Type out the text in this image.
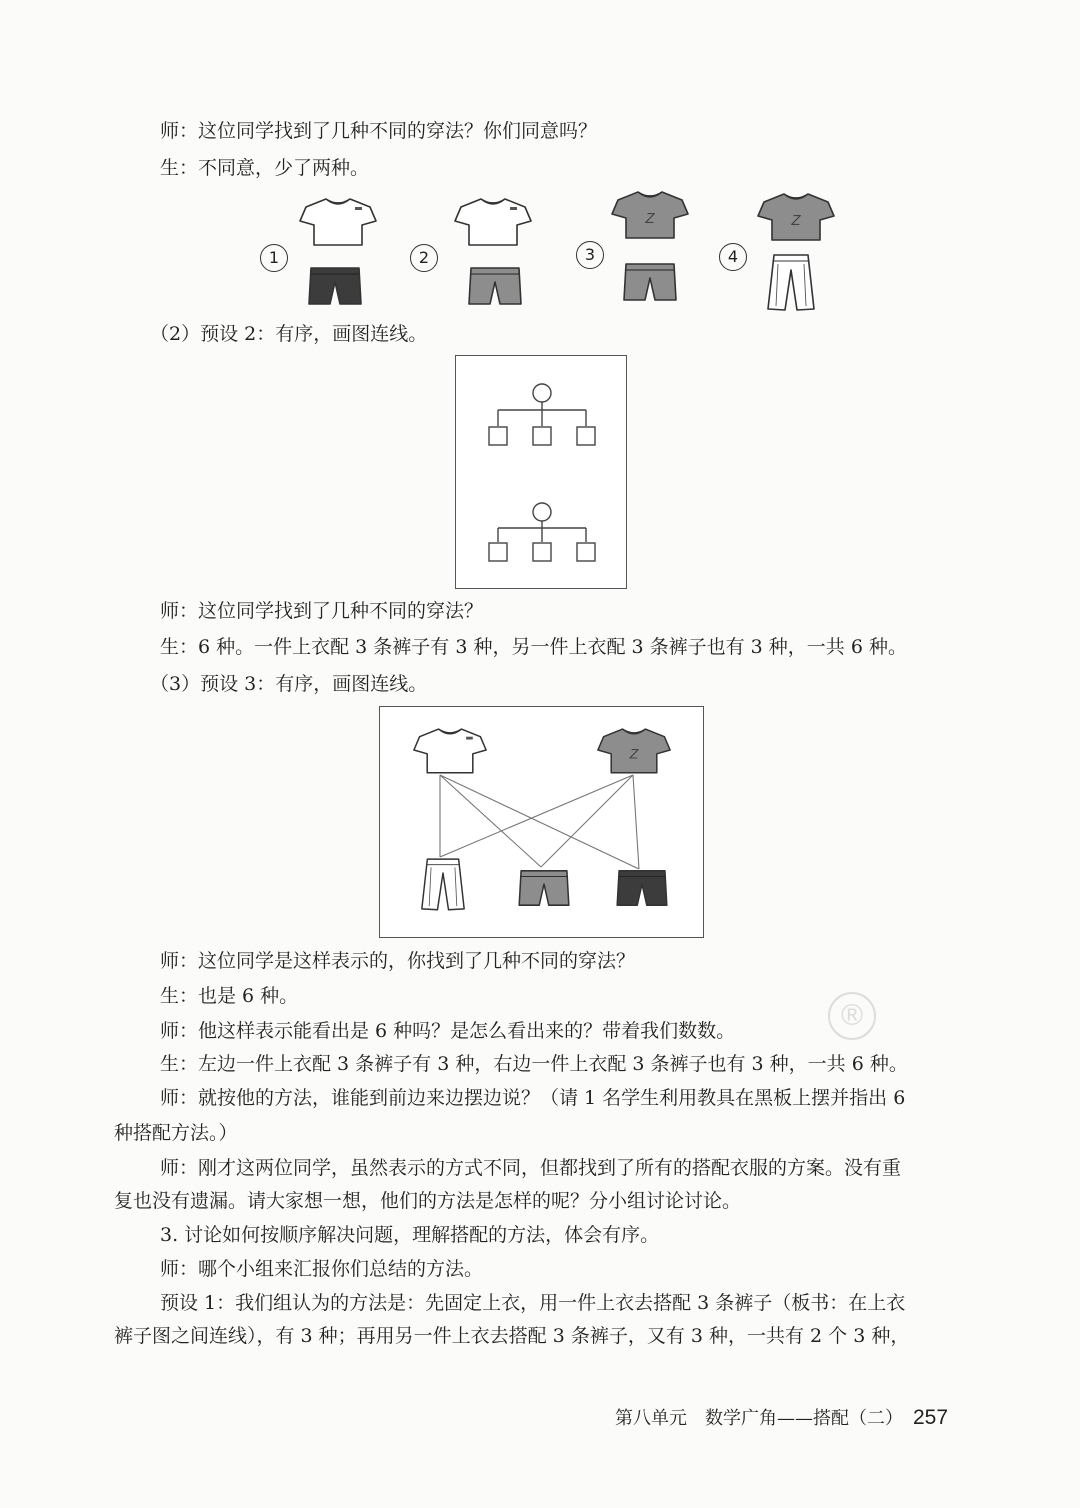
师：这位同学找到了几种不同的穿法？你们同意吗？
生：不同意，少了两种。
1	2	3
Z
4
Z
（2）预设 2：有序，画图连线。
师：这位同学找到了几种不同的穿法？
生：6 种。一件上衣配 3 条裤子有 3 种，另一件上衣配 3 条裤子也有 3 种，一共 6 种。
（3）预设 3：有序，画图连线。
Z
师：这位同学是这样表示的，你找到了几种不同的穿法？
生：也是 6 种。
师：他这样表示能看出是 6 种吗？是怎么看出来的？带着我们数数。
生：左边一件上衣配 3 条裤子有 3 种，右边一件上衣配 3 条裤子也有 3 种，一共 6 种。
师：就按他的方法，谁能到前边来边摆边说？（请 1 名学生利用教具在黑板上摆并指出 6
种搭配方法。）
师：刚才这两位同学，虽然表示的方式不同，但都找到了所有的搭配衣服的方案。没有重
复也没有遗漏。请大家想一想，他们的方法是怎样的呢？分小组讨论讨论。
3. 讨论如何按顺序解决问题，理解搭配的方法，体会有序。
师：哪个小组来汇报你们总结的方法。
预设 1：我们组认为的方法是：先固定上衣，用一件上衣去搭配 3 条裤子（板书：在上衣
裤子图之间连线），有 3 种；再用另一件上衣去搭配 3 条裤子，又有 3 种，一共有 2 个 3 种，
®
第八单元　数学广角——搭配（二） 257
